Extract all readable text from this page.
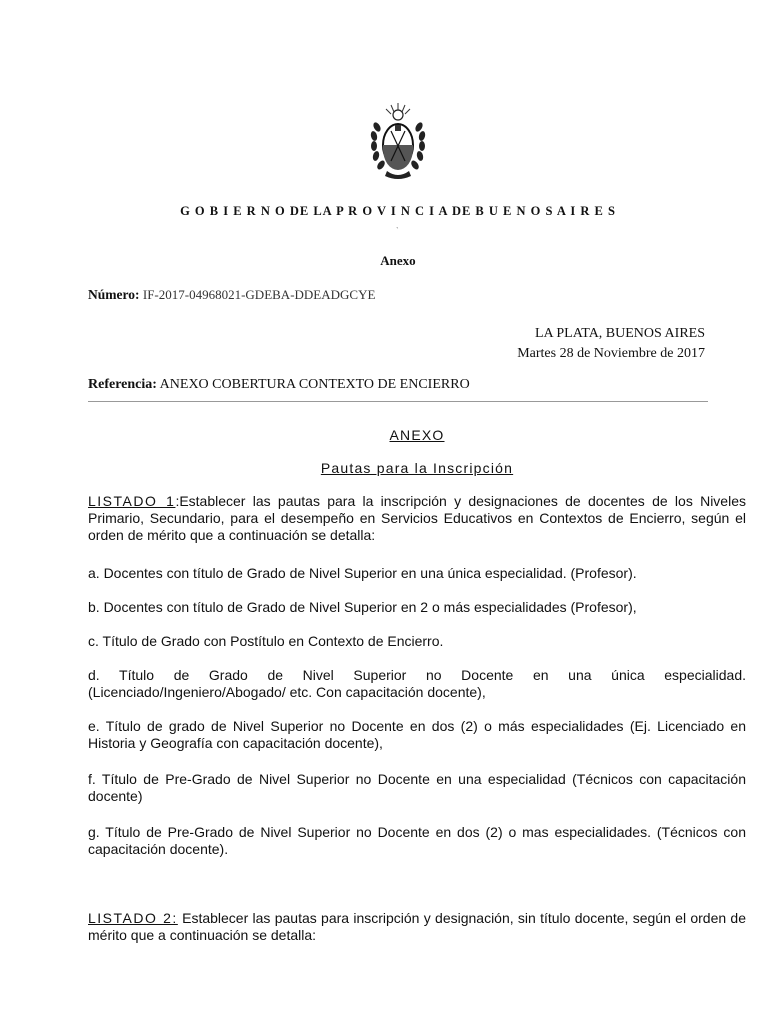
G O B I E R N O DE LA P R O V I N C I A DE B U E N O S A I R E S
`
Anexo
Número: IF-2017-04968021-GDEBA-DDEADGCYE
LA PLATA, BUENOS AIRES
Martes 28 de Noviembre de 2017
Referencia: ANEXO COBERTURA CONTEXTO DE ENCIERRO
ANEXO
Pautas para la Inscripción

LISTADO 1:Establecer las pautas para la inscripción y designaciones de docentes de los Niveles Primario, Secundario, para el desempeño en Servicios Educativos en Contextos de Encierro, según el orden de mérito que a continuación se detalla:

a. Docentes con título de Grado de Nivel Superior en una única especialidad. (Profesor).

b. Docentes con título de Grado de Nivel Superior en 2 o más especialidades (Profesor),

c. Título de Grado con Postítulo en Contexto de Encierro.

d. Título de Grado de Nivel Superior no Docente en una única especialidad. (Licenciado/Ingeniero/Abogado/ etc. Con capacitación docente),

e. Título de grado de Nivel Superior no Docente en dos (2) o más especialidades (Ej. Licenciado en Historia y Geografía con capacitación docente),

f. Título de Pre-Grado de Nivel Superior no Docente en una especialidad (Técnicos con capacitación docente)

g. Título de Pre-Grado de Nivel Superior no Docente en dos (2) o mas especialidades. (Técnicos con capacitación docente).

LISTADO 2: Establecer las pautas para inscripción y designación, sin título docente, según el orden de mérito que a continuación se detalla:
